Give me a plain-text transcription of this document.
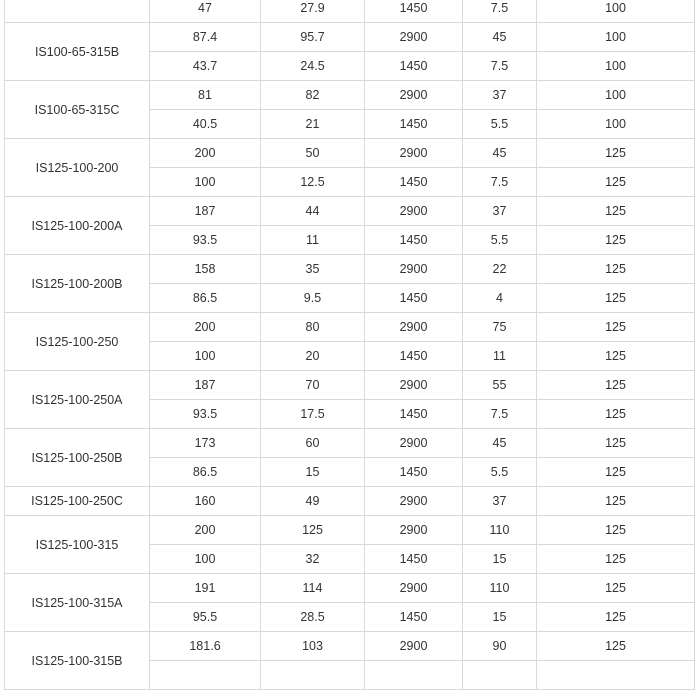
	47	27.9	1450	7.5	100
IS100-65-315B	87.4	95.7	2900	45	100
	43.7	24.5	1450	7.5	100
IS100-65-315C	81	82	2900	37	100
	40.5	21	1450	5.5	100
IS125-100-200	200	50	2900	45	125
	100	12.5	1450	7.5	125
IS125-100-200A	187	44	2900	37	125
	93.5	11	1450	5.5	125
IS125-100-200B	158	35	2900	22	125
	86.5	9.5	1450	4	125
IS125-100-250	200	80	2900	75	125
	100	20	1450	11	125
IS125-100-250A	187	70	2900	55	125
	93.5	17.5	1450	7.5	125
IS125-100-250B	173	60	2900	45	125
	86.5	15	1450	5.5	125
IS125-100-250C	160	49	2900	37	125
IS125-100-315	200	125	2900	110	125
	100	32	1450	15	125
IS125-100-315A	191	114	2900	110	125
	95.5	28.5	1450	15	125
IS125-100-315B	181.6	103	2900	90	125
